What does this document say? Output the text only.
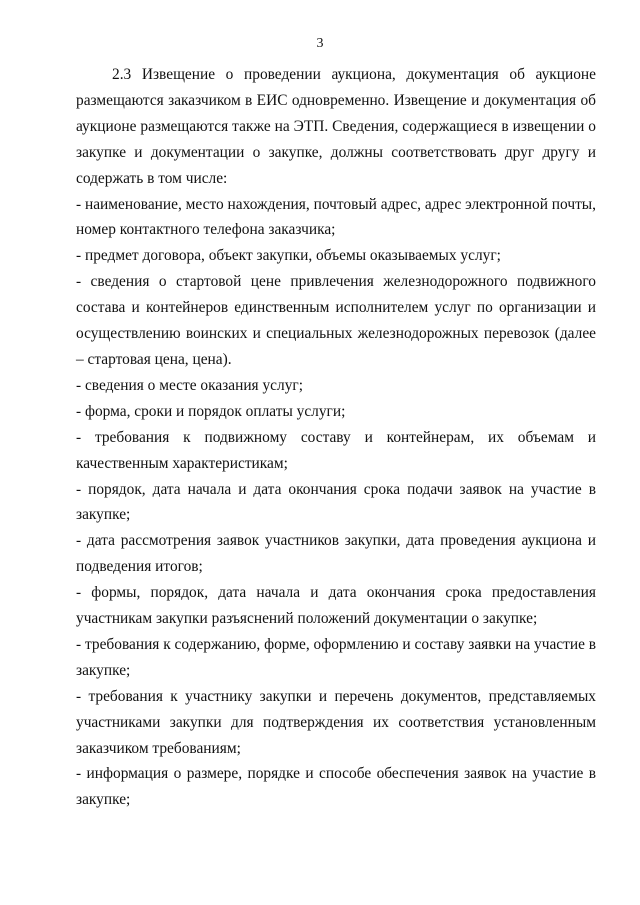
3

2.3 Извещение о проведении аукциона, документация об аукционе размещаются заказчиком в ЕИС одновременно. Извещение и документация об аукционе размещаются также на ЭТП. Сведения, содержащиеся в извещении о закупке и документации о закупке, должны соответствовать друг другу и содержать в том числе:

- наименование, место нахождения, почтовый адрес, адрес электронной почты, номер контактного телефона заказчика;

- предмет договора, объект закупки, объемы оказываемых услуг;

- сведения о стартовой цене привлечения железнодорожного подвижного состава и контейнеров единственным исполнителем услуг по организации и осуществлению воинских и специальных железнодорожных перевозок (далее – стартовая цена, цена).

- сведения о месте оказания услуг;

- форма, сроки и порядок оплаты услуги;

- требования к подвижному составу и контейнерам, их объемам и качественным характеристикам;

- порядок, дата начала и дата окончания срока подачи заявок на участие в закупке;

- дата рассмотрения заявок участников закупки, дата проведения аукциона и подведения итогов;

- формы, порядок, дата начала и дата окончания срока предоставления участникам закупки разъяснений положений документации о закупке;

- требования к содержанию, форме, оформлению и составу заявки на участие в закупке;

- требования к участнику закупки и перечень документов, представляемых участниками закупки для подтверждения их соответствия установленным заказчиком требованиям;

- информация о размере, порядке и способе обеспечения заявок на участие в закупке;
